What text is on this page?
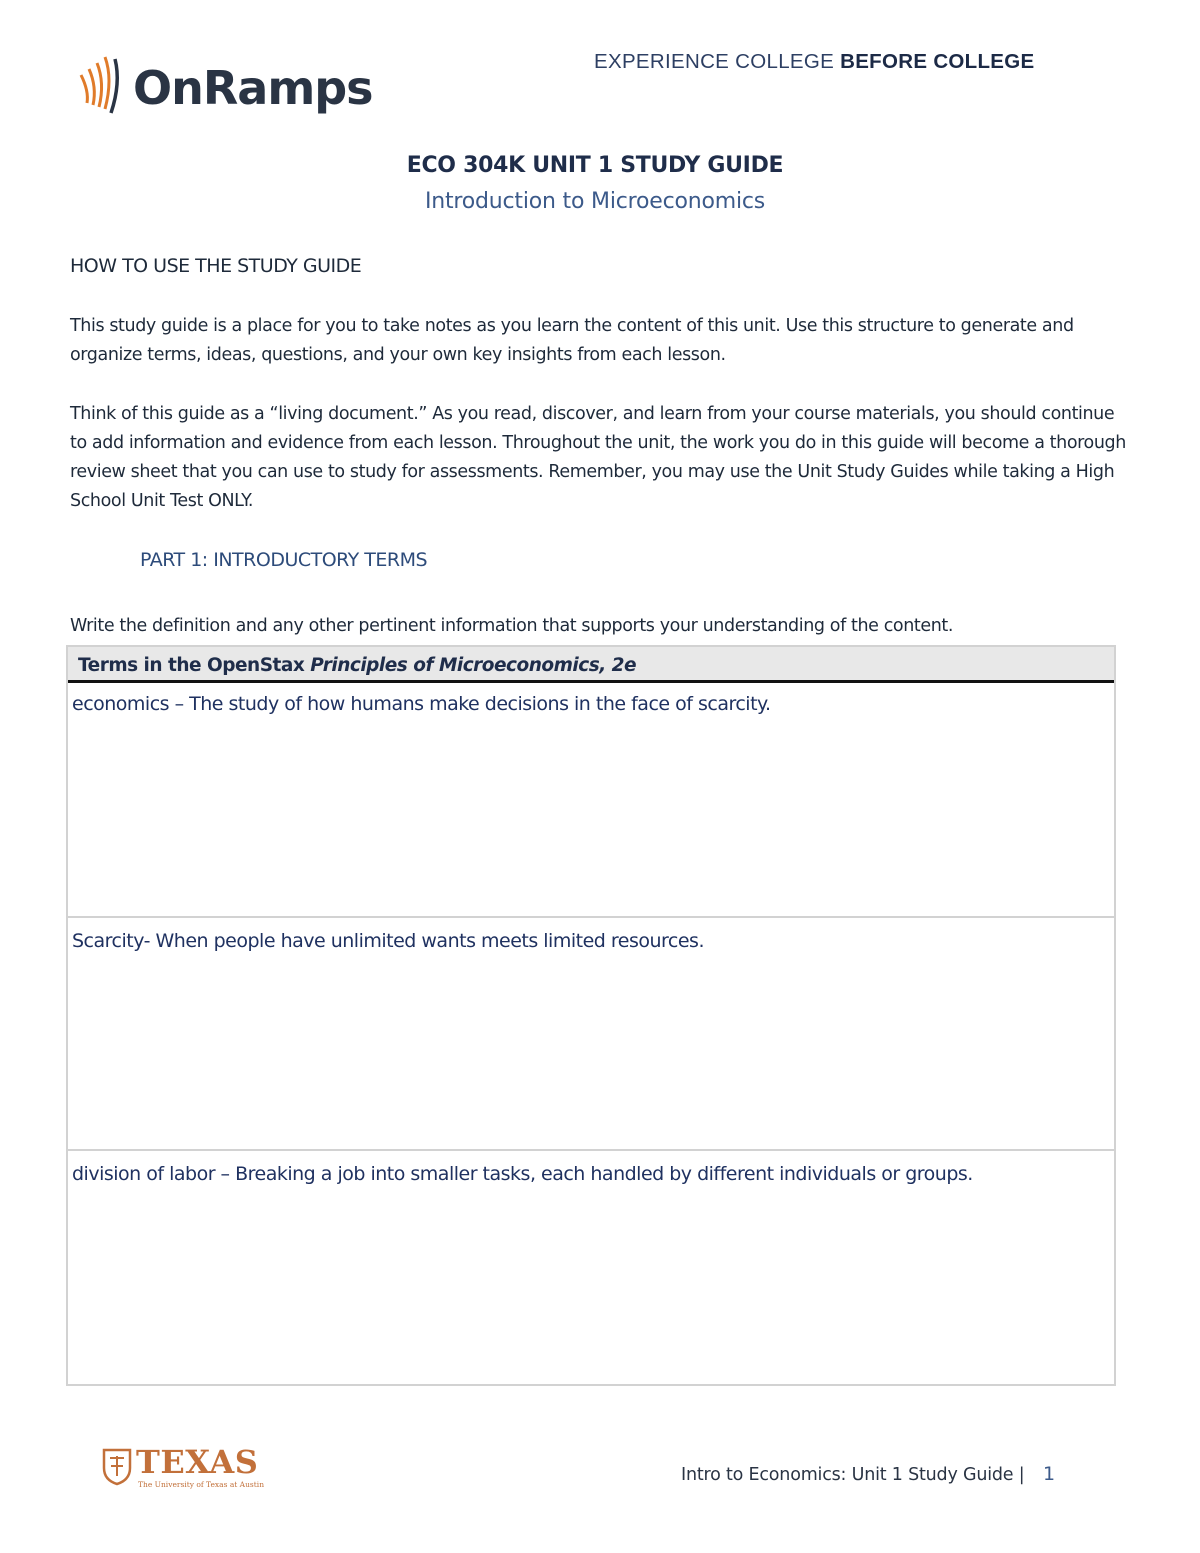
OnRamps	EXPERIENCE COLLEGE BEFORE COLLEGE
ECO 304K UNIT 1 STUDY GUIDE
Introduction to Microeconomics
HOW TO USE THE STUDY GUIDE
This study guide is a place for you to take notes as you learn the content of this unit. Use this structure to generate and organize terms, ideas, questions, and your own key insights from each lesson.
Think of this guide as a “living document.” As you read, discover, and learn from your course materials, you should continue to add information and evidence from each lesson. Throughout the unit, the work you do in this guide will become a thorough review sheet that you can use to study for assessments. Remember, you may use the Unit Study Guides while taking a High School Unit Test ONLY.
PART 1: INTRODUCTORY TERMS
Write the definition and any other pertinent information that supports your understanding of the content.
Terms in the OpenStax Principles of Microeconomics, 2e
economics – The study of how humans make decisions in the face of scarcity.
Scarcity- When people have unlimited wants meets limited resources.
division of labor – Breaking a job into smaller tasks, each handled by different individuals or groups.
TEXAS
The University of Texas at Austin	Intro to Economics: Unit 1 Study Guide | 1
